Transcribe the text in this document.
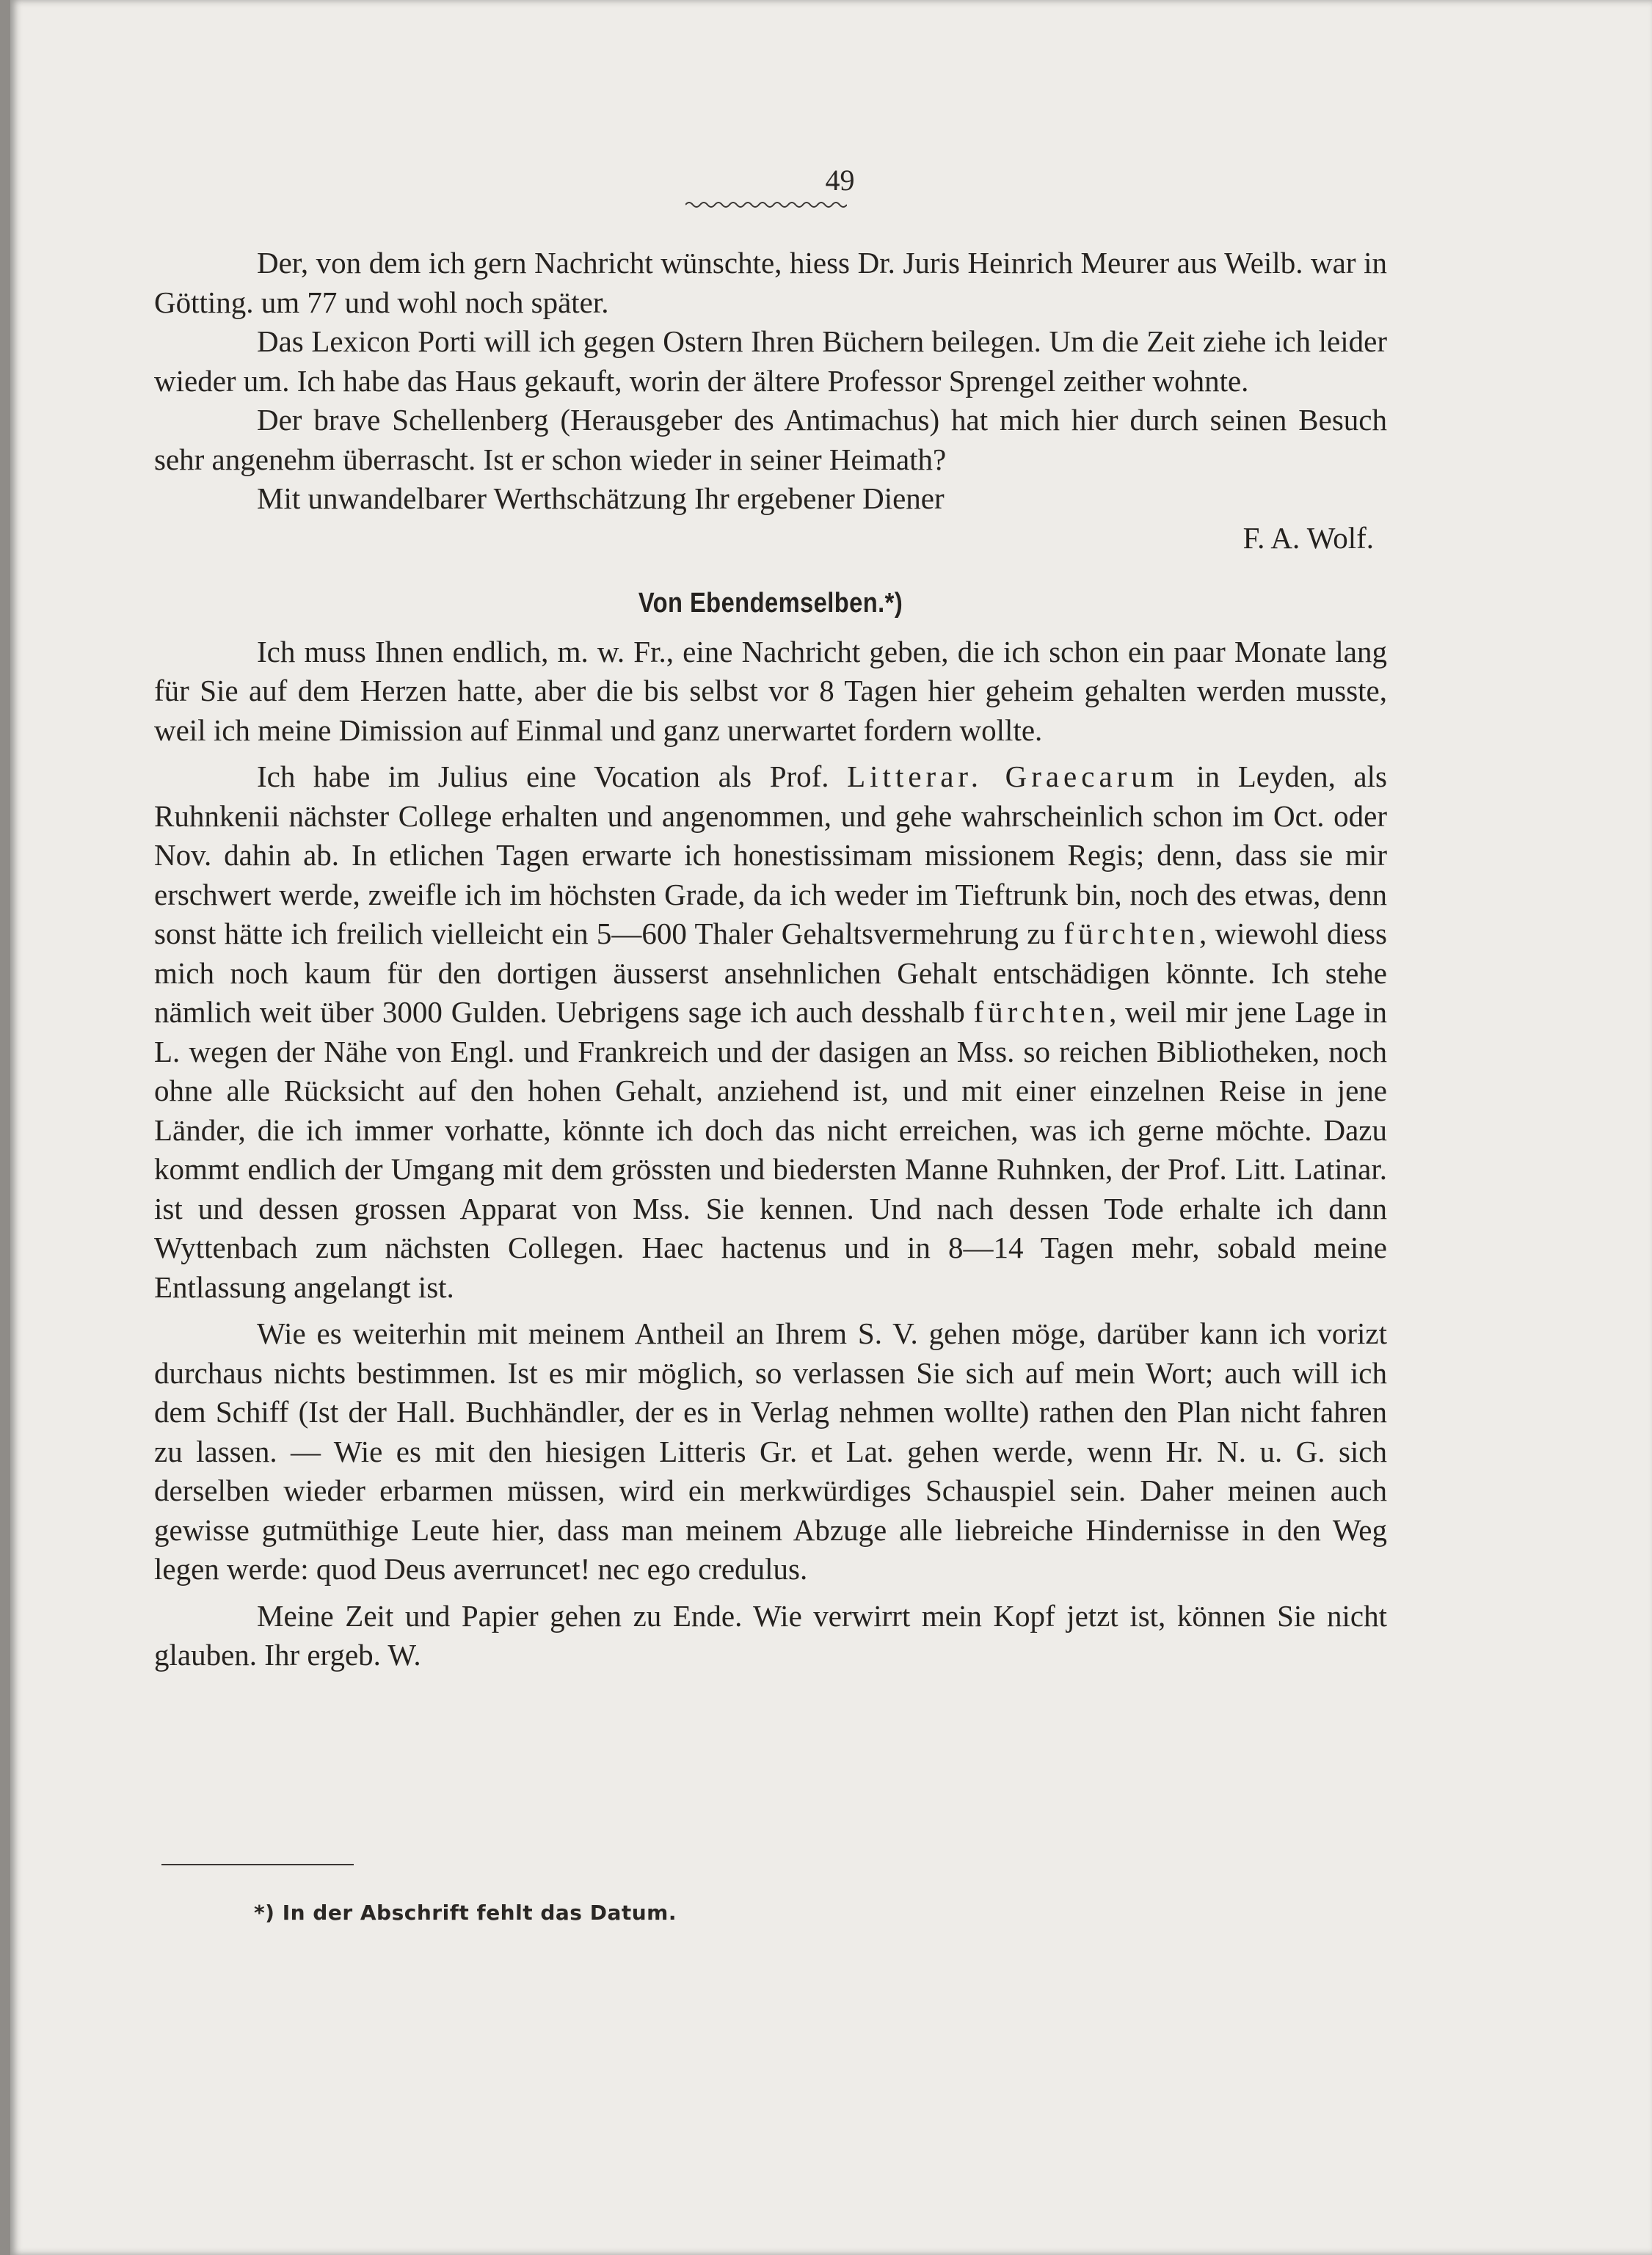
49

Der, von dem ich gern Nachricht wünschte, hiess Dr. Juris Heinrich Meurer aus Weilb. war in Götting. um 77 und wohl noch später.

Das Lexicon Porti will ich gegen Ostern Ihren Büchern beilegen. Um die Zeit ziehe ich leider wieder um. Ich habe das Haus gekauft, worin der ältere Professor Sprengel zeither wohnte.

Der brave Schellenberg (Herausgeber des Antimachus) hat mich hier durch seinen Besuch sehr angenehm überrascht. Ist er schon wieder in seiner Heimath?

Mit unwandelbarer Werthschätzung Ihr ergebener Diener

F. A. Wolf.

Von Ebendemselben.*)

Ich muss Ihnen endlich, m. w. Fr., eine Nachricht geben, die ich schon ein paar Monate lang für Sie auf dem Herzen hatte, aber die bis selbst vor 8 Tagen hier geheim gehalten werden musste, weil ich meine Dimission auf Einmal und ganz unerwartet fordern wollte.

Ich habe im Julius eine Vocation als Prof. Litterar. Graecarum in Leyden, als Ruhnkenii nächster College erhalten und angenommen, und gehe wahrscheinlich schon im Oct. oder Nov. dahin ab. In etlichen Tagen erwarte ich honestissimam missionem Regis; denn, dass sie mir erschwert werde, zweifle ich im höchsten Grade, da ich weder im Tieftrunk bin, noch des etwas, denn sonst hätte ich freilich vielleicht ein 5—600 Thaler Gehaltsvermehrung zu fürchten, wiewohl diess mich noch kaum für den dortigen äusserst ansehnlichen Gehalt entschädigen könnte. Ich stehe nämlich weit über 3000 Gulden. Uebrigens sage ich auch desshalb fürchten, weil mir jene Lage in L. wegen der Nähe von Engl. und Frankreich und der dasigen an Mss. so reichen Bibliotheken, noch ohne alle Rücksicht auf den hohen Gehalt, anziehend ist, und mit einer einzelnen Reise in jene Länder, die ich immer vorhatte, könnte ich doch das nicht erreichen, was ich gerne möchte. Dazu kommt endlich der Umgang mit dem grössten und biedersten Manne Ruhnken, der Prof. Litt. Latinar. ist und dessen grossen Apparat von Mss. Sie kennen. Und nach dessen Tode erhalte ich dann Wyttenbach zum nächsten Collegen. Haec hactenus und in 8—14 Tagen mehr, sobald meine Entlassung angelangt ist.

Wie es weiterhin mit meinem Antheil an Ihrem S. V. gehen möge, darüber kann ich vorizt durchaus nichts bestimmen. Ist es mir möglich, so verlassen Sie sich auf mein Wort; auch will ich dem Schiff (Ist der Hall. Buchhändler, der es in Verlag nehmen wollte) rathen den Plan nicht fahren zu lassen. — Wie es mit den hiesigen Litteris Gr. et Lat. gehen werde, wenn Hr. N. u. G. sich derselben wieder erbarmen müssen, wird ein merkwürdiges Schauspiel sein. Daher meinen auch gewisse gutmüthige Leute hier, dass man meinem Abzuge alle liebreiche Hindernisse in den Weg legen werde: quod Deus averruncet! nec ego credulus.

Meine Zeit und Papier gehen zu Ende. Wie verwirrt mein Kopf jetzt ist, können Sie nicht glauben. Ihr ergeb. W.

*) In der Abschrift fehlt das Datum.
